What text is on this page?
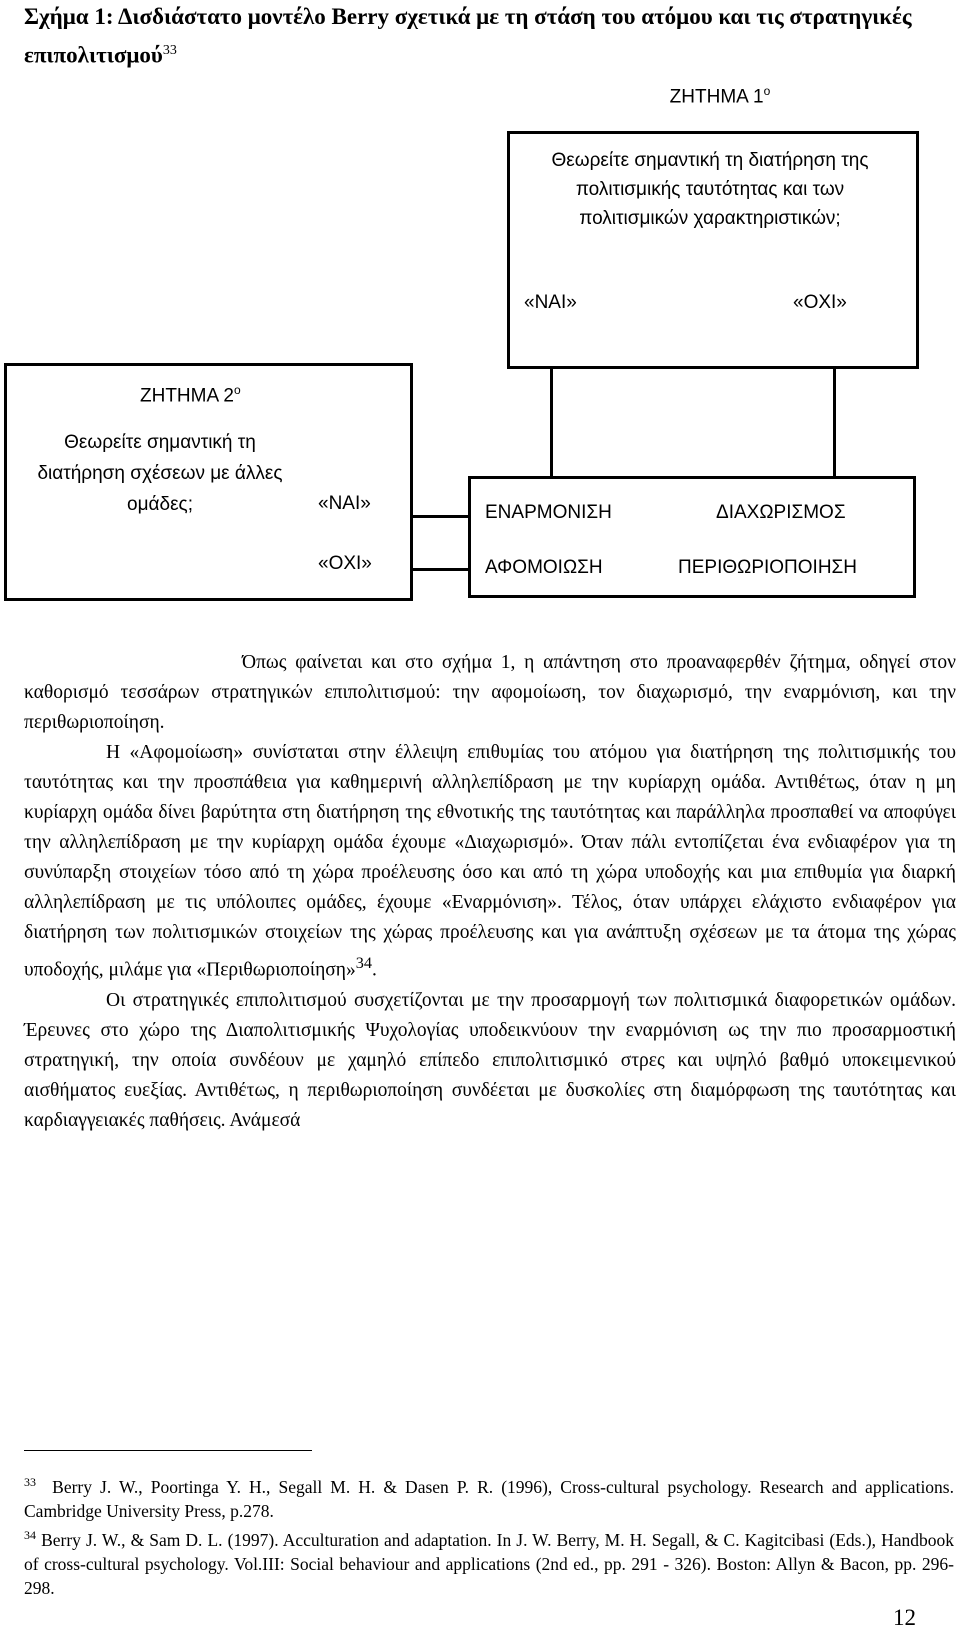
Σχήμα 1: Δισδιάστατο μοντέλο Berry σχετικά με τη στάση του ατόμου και τις στρατηγικές επιπολιτισμού$^{33}$
ΖΗΤΗΜΑ $1^o$
Θεωρείτε σημαντική τη διατήρηση της πολιτισμικής ταυτότητας και των πολιτισμικών χαρακτηριστικών;
«ΝΑΙ»	«ΟΧΙ»
ΖΗΤΗΜΑ $2^o$
Θεωρείτε σημαντική τη διατήρηση σχέσεων με άλλες ομάδες;	«ΝΑΙ»
«ΟΧΙ»
ΕΝΑΡΜΟΝΙΣΗ	ΔΙΑΧΩΡΙΣΜΟΣ
ΑΦΟΜΟΙΩΣΗ	ΠΕΡΙΘΩΡΙΟΠΟΙΗΣΗ

Όπως φαίνεται και στο σχήμα 1, η απάντηση στο προαναφερθέν ζήτημα, οδηγεί στον καθορισμό τεσσάρων στρατηγικών επιπολιτισμού: την αφομοίωση, τον διαχωρισμό, την εναρμόνιση, και την περιθωριοποίηση.

Η «Αφομοίωση» συνίσταται στην έλλειψη επιθυμίας του ατόμου για διατήρηση της πολιτισμικής του ταυτότητας και την προσπάθεια για καθημερινή αλληλεπίδραση με την κυρίαρχη ομάδα. Αντιθέτως, όταν η μη κυρίαρχη ομάδα δίνει βαρύτητα στη διατήρηση της εθνοτικής της ταυτότητας και παράλληλα προσπαθεί να αποφύγει την αλληλεπίδραση με την κυρίαρχη ομάδα έχουμε «Διαχωρισμό». Όταν πάλι εντοπίζεται ένα ενδιαφέρον για τη συνύπαρξη στοιχείων τόσο από τη χώρα προέλευσης όσο και από τη χώρα υποδοχής και μια επιθυμία για διαρκή αλληλεπίδραση με τις υπόλοιπες ομάδες, έχουμε «Εναρμόνιση». Τέλος, όταν υπάρχει ελάχιστο ενδιαφέρον για διατήρηση των πολιτισμικών στοιχείων της χώρας προέλευσης και για ανάπτυξη σχέσεων με τα άτομα της χώρας υποδοχής, μιλάμε για «Περιθωριοποίηση»$^{34}$.

Οι στρατηγικές επιπολιτισμού συσχετίζονται με την προσαρμογή των πολιτισμικά διαφορετικών ομάδων. Έρευνες στο χώρο της Διαπολιτισμικής Ψυχολογίας υποδεικνύουν την εναρμόνιση ως την πιο προσαρμοστική στρατηγική, την οποία συνδέουν με χαμηλό επίπεδο επιπολιτισμικό στρες και υψηλό βαθμό υποκειμενικού αισθήματος ευεξίας. Αντιθέτως, η περιθωριοποίηση συνδέεται με δυσκολίες στη διαμόρφωση της ταυτότητας και καρδιαγγειακές παθήσεις. Ανάμεσά

$^{33}$ Berry J. W., Poortinga Y. H., Segall M. H. & Dasen P. R. (1996), Cross-cultural psychology. Research and applications. Cambridge University Press, p.278.

$^{34}$ Berry J. W., & Sam D. L. (1997). Acculturation and adaptation. In J. W. Berry, M. H. Segall, & C. Kagitcibasi (Eds.), Handbook of cross-cultural psychology. Vol.III: Social behaviour and applications (2nd ed., pp. 291 - 326). Boston: Allyn & Bacon, pp. 296-298.

12
